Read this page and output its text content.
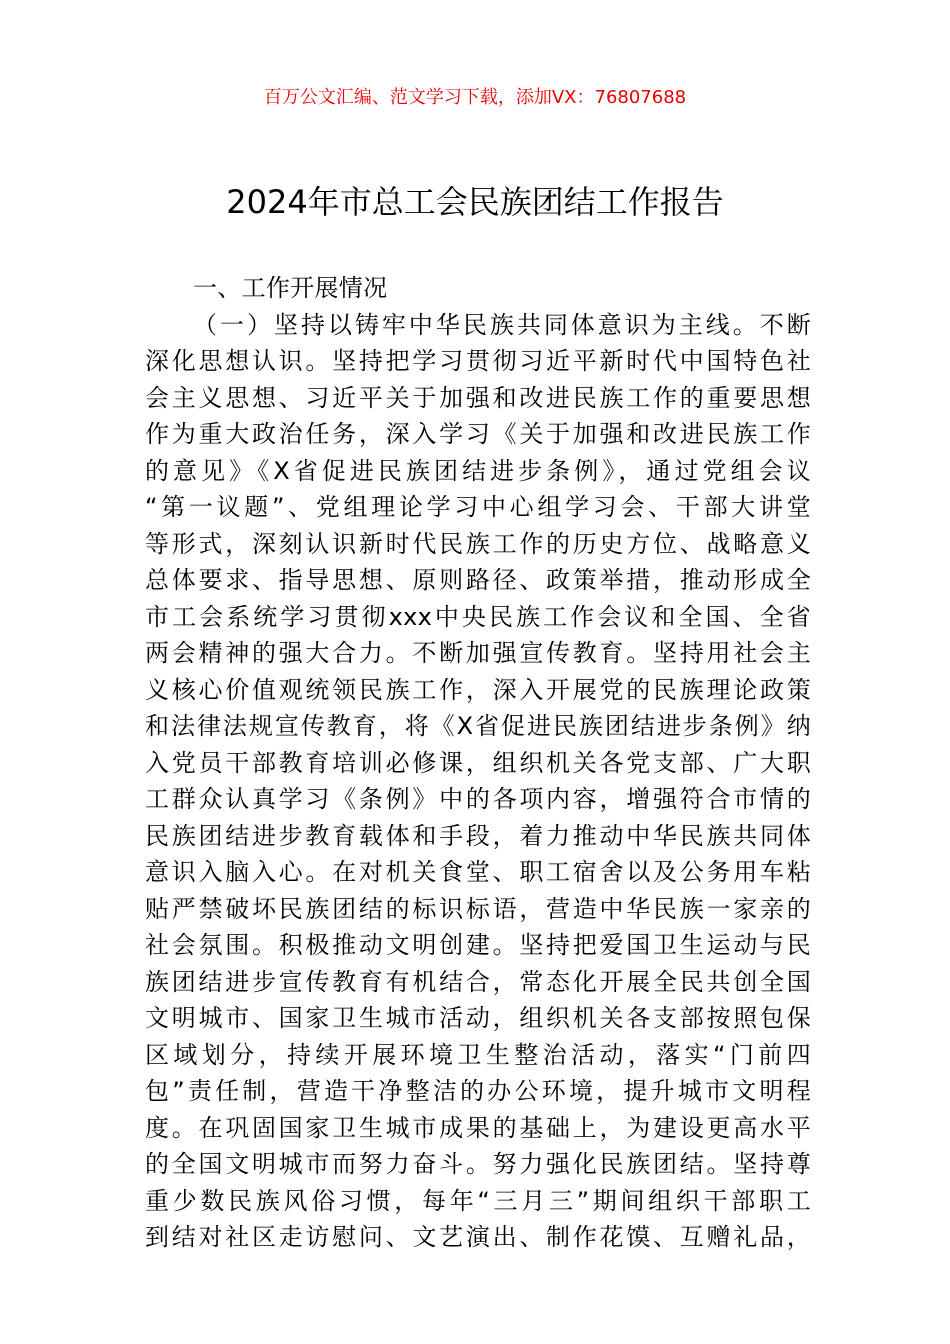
百万公文汇编、范文学习下载，添加VX：76807688
2024年市总工会民族团结工作报告
一、工作开展情况
（一）坚持以铸牢中华民族共同体意识为主线。不断
深化思想认识。坚持把学习贯彻习近平新时代中国特色社
会主义思想、习近平关于加强和改进民族工作的重要思想
作为重大政治任务，深入学习《关于加强和改进民族工作
的意见》《X省促进民族团结进步条例》，通过党组会议
“第一议题”、党组理论学习中心组学习会、干部大讲堂
等形式，深刻认识新时代民族工作的历史方位、战略意义
总体要求、指导思想、原则路径、政策举措，推动形成全
市工会系统学习贯彻xxx中央民族工作会议和全国、全省
两会精神的强大合力。不断加强宣传教育。坚持用社会主
义核心价值观统领民族工作，深入开展党的民族理论政策
和法律法规宣传教育，将《X省促进民族团结进步条例》纳
入党员干部教育培训必修课，组织机关各党支部、广大职
工群众认真学习《条例》中的各项内容，增强符合市情的
民族团结进步教育载体和手段，着力推动中华民族共同体
意识入脑入心。在对机关食堂、职工宿舍以及公务用车粘
贴严禁破坏民族团结的标识标语，营造中华民族一家亲的
社会氛围。积极推动文明创建。坚持把爱国卫生运动与民
族团结进步宣传教育有机结合，常态化开展全民共创全国
文明城市、国家卫生城市活动，组织机关各支部按照包保
区域划分，持续开展环境卫生整治活动，落实“门前四
包”责任制，营造干净整洁的办公环境，提升城市文明程
度。在巩固国家卫生城市成果的基础上，为建设更高水平
的全国文明城市而努力奋斗。努力强化民族团结。坚持尊
重少数民族风俗习惯，每年“三月三”期间组织干部职工
到结对社区走访慰问、文艺演出、制作花馍、互赠礼品，
